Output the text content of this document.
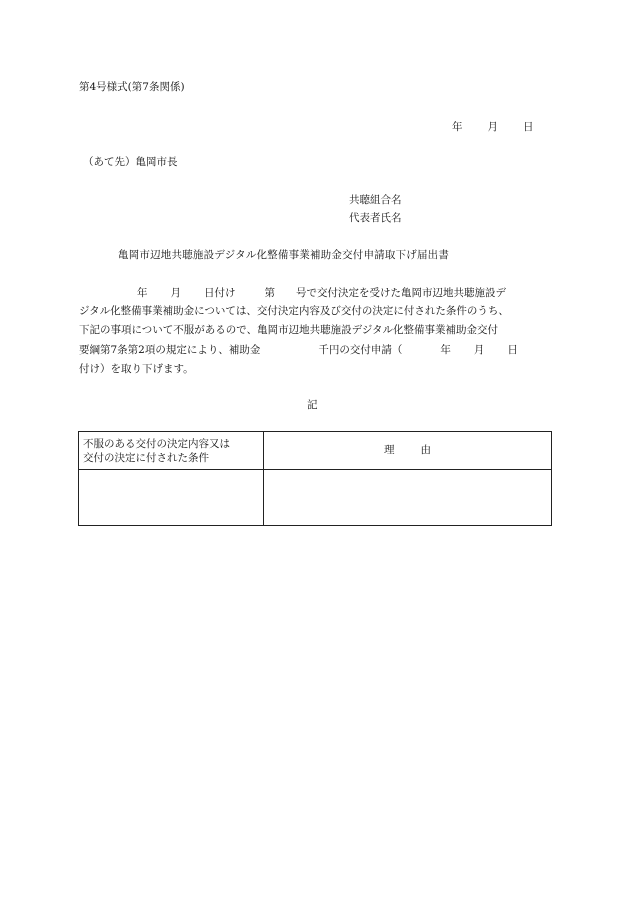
第4号様式(第7条関係)
年 月 日
（あて先）亀岡市長
共聴組合名
代表者氏名
亀岡市辺地共聴施設デジタル化整備事業補助金交付申請取下げ届出書
年 月 日付け	第 号で交付決定を受けた亀岡市辺地共聴施設デ
ジタル化整備事業補助金については、交付決定内容及び交付の決定に付された条件のうち、
下記の事項について不服があるので、亀岡市辺地共聴施設デジタル化整備事業補助金交付
要綱第7条第2項の規定により、補助金	千円の交付申請（	年 月 日
付け）を取り下げます。
記
不服のある交付の決定内容又は
交付の決定に付された条件	理 由
